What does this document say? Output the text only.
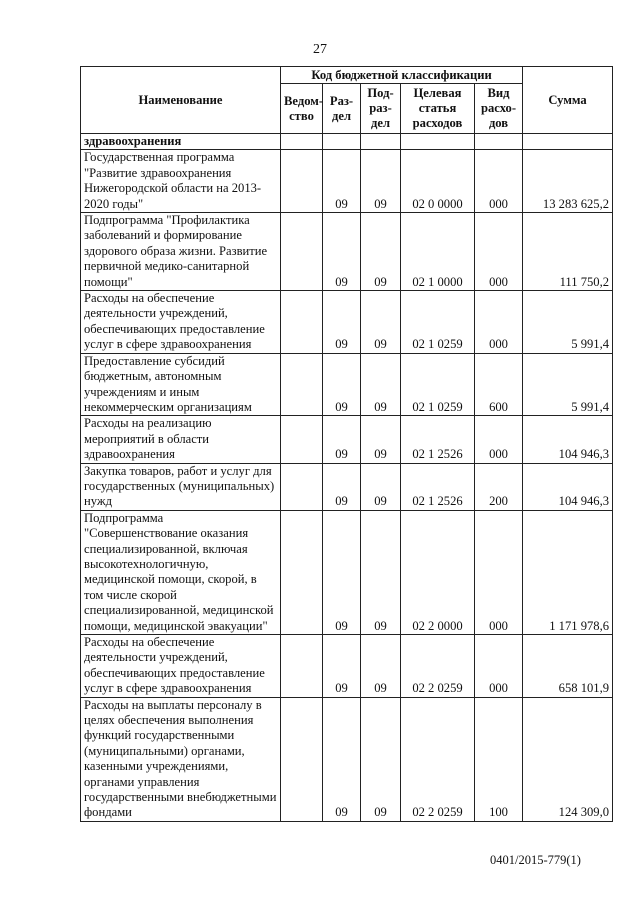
27
Наименование	Код бюджетной классификации					Сумма
	Ведом-ство	Раз-дел	Под-раз-дел	Целевая статья расходов	Вид расхо-дов	
здравоохранения						
Государственная программа "Развитие здравоохранения Нижегородской области на 2013-2020 годы"		09	09	02 0 0000	000	13 283 625,2
Подпрограмма "Профилактика заболеваний и формирование здорового образа жизни. Развитие первичной медико-санитарной помощи"		09	09	02 1 0000	000	111 750,2
Расходы на обеспечение деятельности учреждений, обеспечивающих предоставление услуг в сфере здравоохранения		09	09	02 1 0259	000	5 991,4
Предоставление субсидий бюджетным, автономным учреждениям и иным некоммерческим организациям		09	09	02 1 0259	600	5 991,4
Расходы на реализацию мероприятий в области здравоохранения		09	09	02 1 2526	000	104 946,3
Закупка товаров, работ и услуг для государственных (муниципальных) нужд		09	09	02 1 2526	200	104 946,3
Подпрограмма "Совершенствование оказания специализированной, включая высокотехнологичную, медицинской помощи, скорой, в том числе скорой специализированной, медицинской помощи, медицинской эвакуации"		09	09	02 2 0000	000	1 171 978,6
Расходы на обеспечение деятельности учреждений, обеспечивающих предоставление услуг в сфере здравоохранения		09	09	02 2 0259	000	658 101,9
Расходы на выплаты персоналу в целях обеспечения выполнения функций государственными (муниципальными) органами, казенными учреждениями, органами управления государственными внебюджетными фондами		09	09	02 2 0259	100	124 309,0
0401/2015-779(1)
